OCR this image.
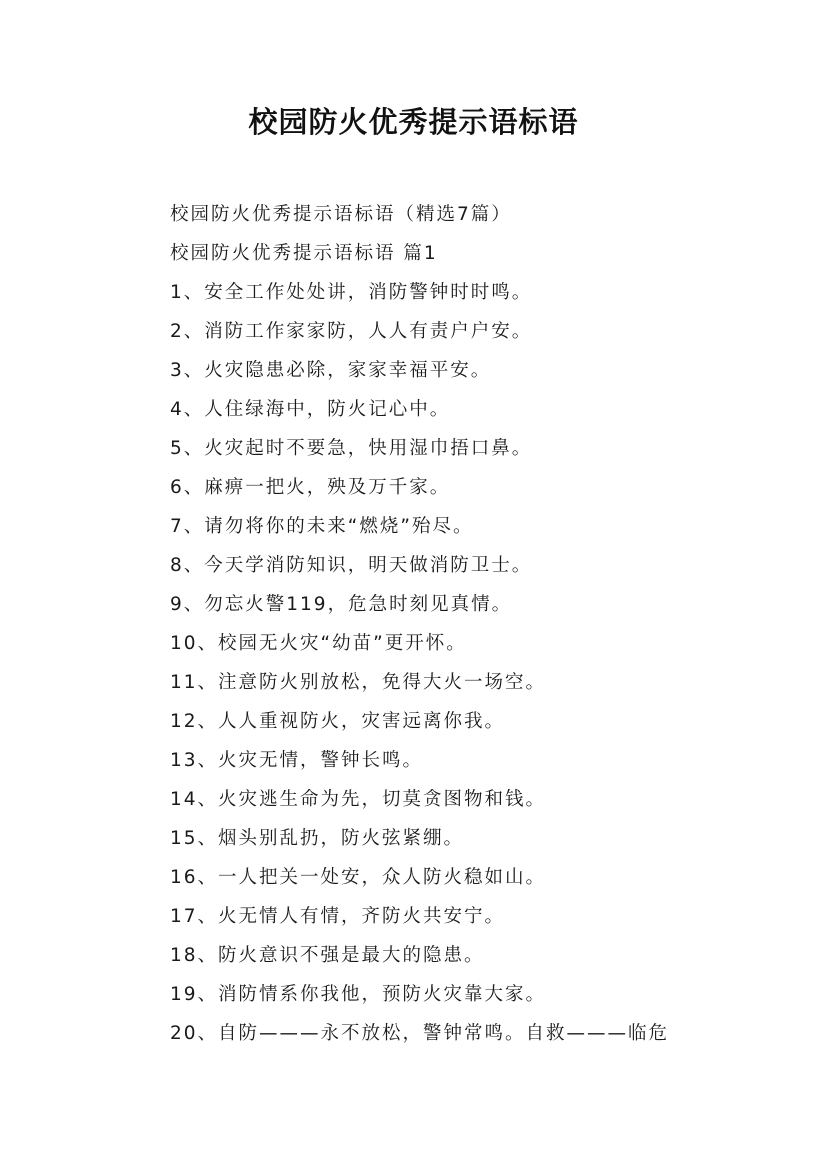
校园防火优秀提示语标语
校园防火优秀提示语标语（精选7篇）
校园防火优秀提示语标语 篇1
1、安全工作处处讲，消防警钟时时鸣。
2、消防工作家家防，人人有责户户安。
3、火灾隐患必除，家家幸福平安。
4、人住绿海中，防火记心中。
5、火灾起时不要急，快用湿巾捂口鼻。
6、麻痹一把火，殃及万千家。
7、请勿将你的未来“燃烧”殆尽。
8、今天学消防知识，明天做消防卫士。
9、勿忘火警119，危急时刻见真情。
10、校园无火灾“幼苗”更开怀。
11、注意防火别放松，免得大火一场空。
12、人人重视防火，灾害远离你我。
13、火灾无情，警钟长鸣。
14、火灾逃生命为先，切莫贪图物和钱。
15、烟头别乱扔，防火弦紧绷。
16、一人把关一处安，众人防火稳如山。
17、火无情人有情，齐防火共安宁。
18、防火意识不强是最大的隐患。
19、消防情系你我他，预防火灾靠大家。
20、自防———永不放松，警钟常鸣。自救———临危
